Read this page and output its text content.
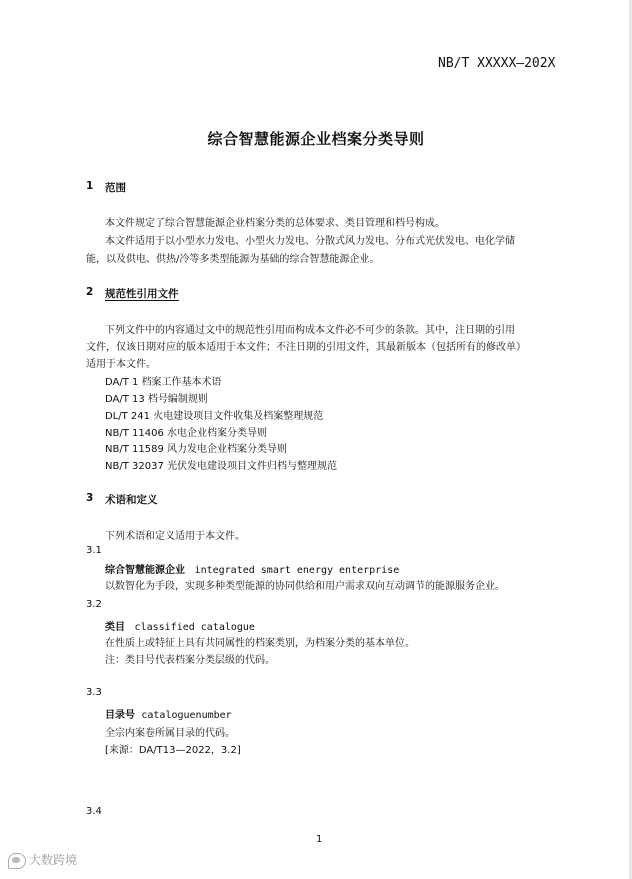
NB/T XXXXX—202X
综合智慧能源企业档案分类导则
1 范围
本文件规定了综合智慧能源企业档案分类的总体要求、类目管理和档号构成。
本文件适用于以小型水力发电、小型火力发电、分散式风力发电、分布式光伏发电、电化学储
能，以及供电、供热/冷等多类型能源为基础的综合智慧能源企业。
2 规范性引用文件
下列文件中的内容通过文中的规范性引用而构成本文件必不可少的条款。其中，注日期的引用
文件，仅该日期对应的版本适用于本文件；不注日期的引用文件，其最新版本（包括所有的修改单）
适用于本文件。
DA/T 1 档案工作基本术语
DA/T 13 档号编制规则
DL/T 241 火电建设项目文件收集及档案整理规范
NB/T 11406 水电企业档案分类导则
NB/T 11589 风力发电企业档案分类导则
NB/T 32037 光伏发电建设项目文件归档与整理规范
3 术语和定义
下列术语和定义适用于本文件。
3.1
综合智慧能源企业 integrated smart energy enterprise
以数智化为手段，实现多种类型能源的协同供给和用户需求双向互动调节的能源服务企业。
3.2
类目 classified catalogue
在性质上或特征上具有共同属性的档案类别，为档案分类的基本单位。
注：类目号代表档案分类层级的代码。
3.3
目录号 cataloguenumber
全宗内案卷所属目录的代码。
[来源：DA/T13—2022，3.2]
3.4
1
大数跨境
